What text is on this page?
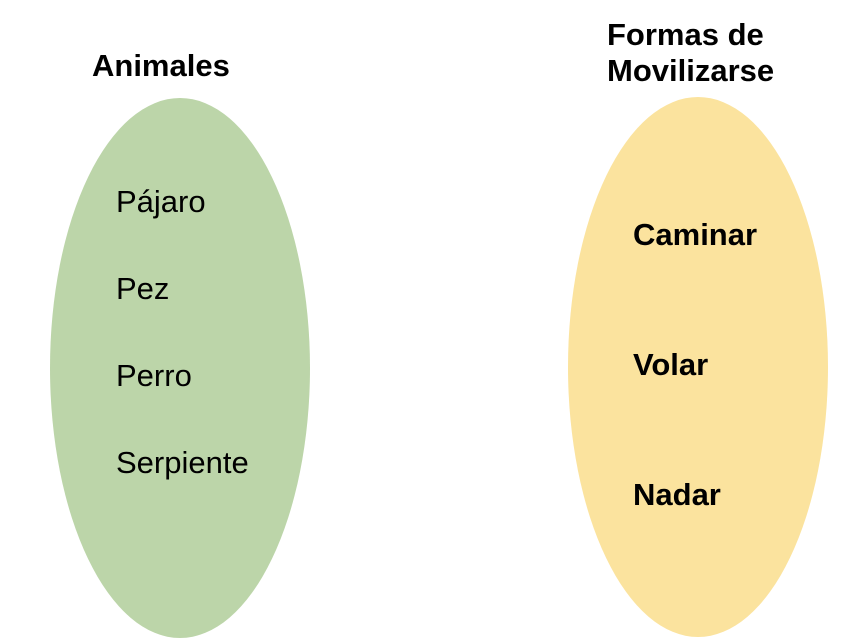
Animales
Pájaro
Pez
Perro
Serpiente
Formas de
Movilizarse
Caminar
Volar
Nadar
